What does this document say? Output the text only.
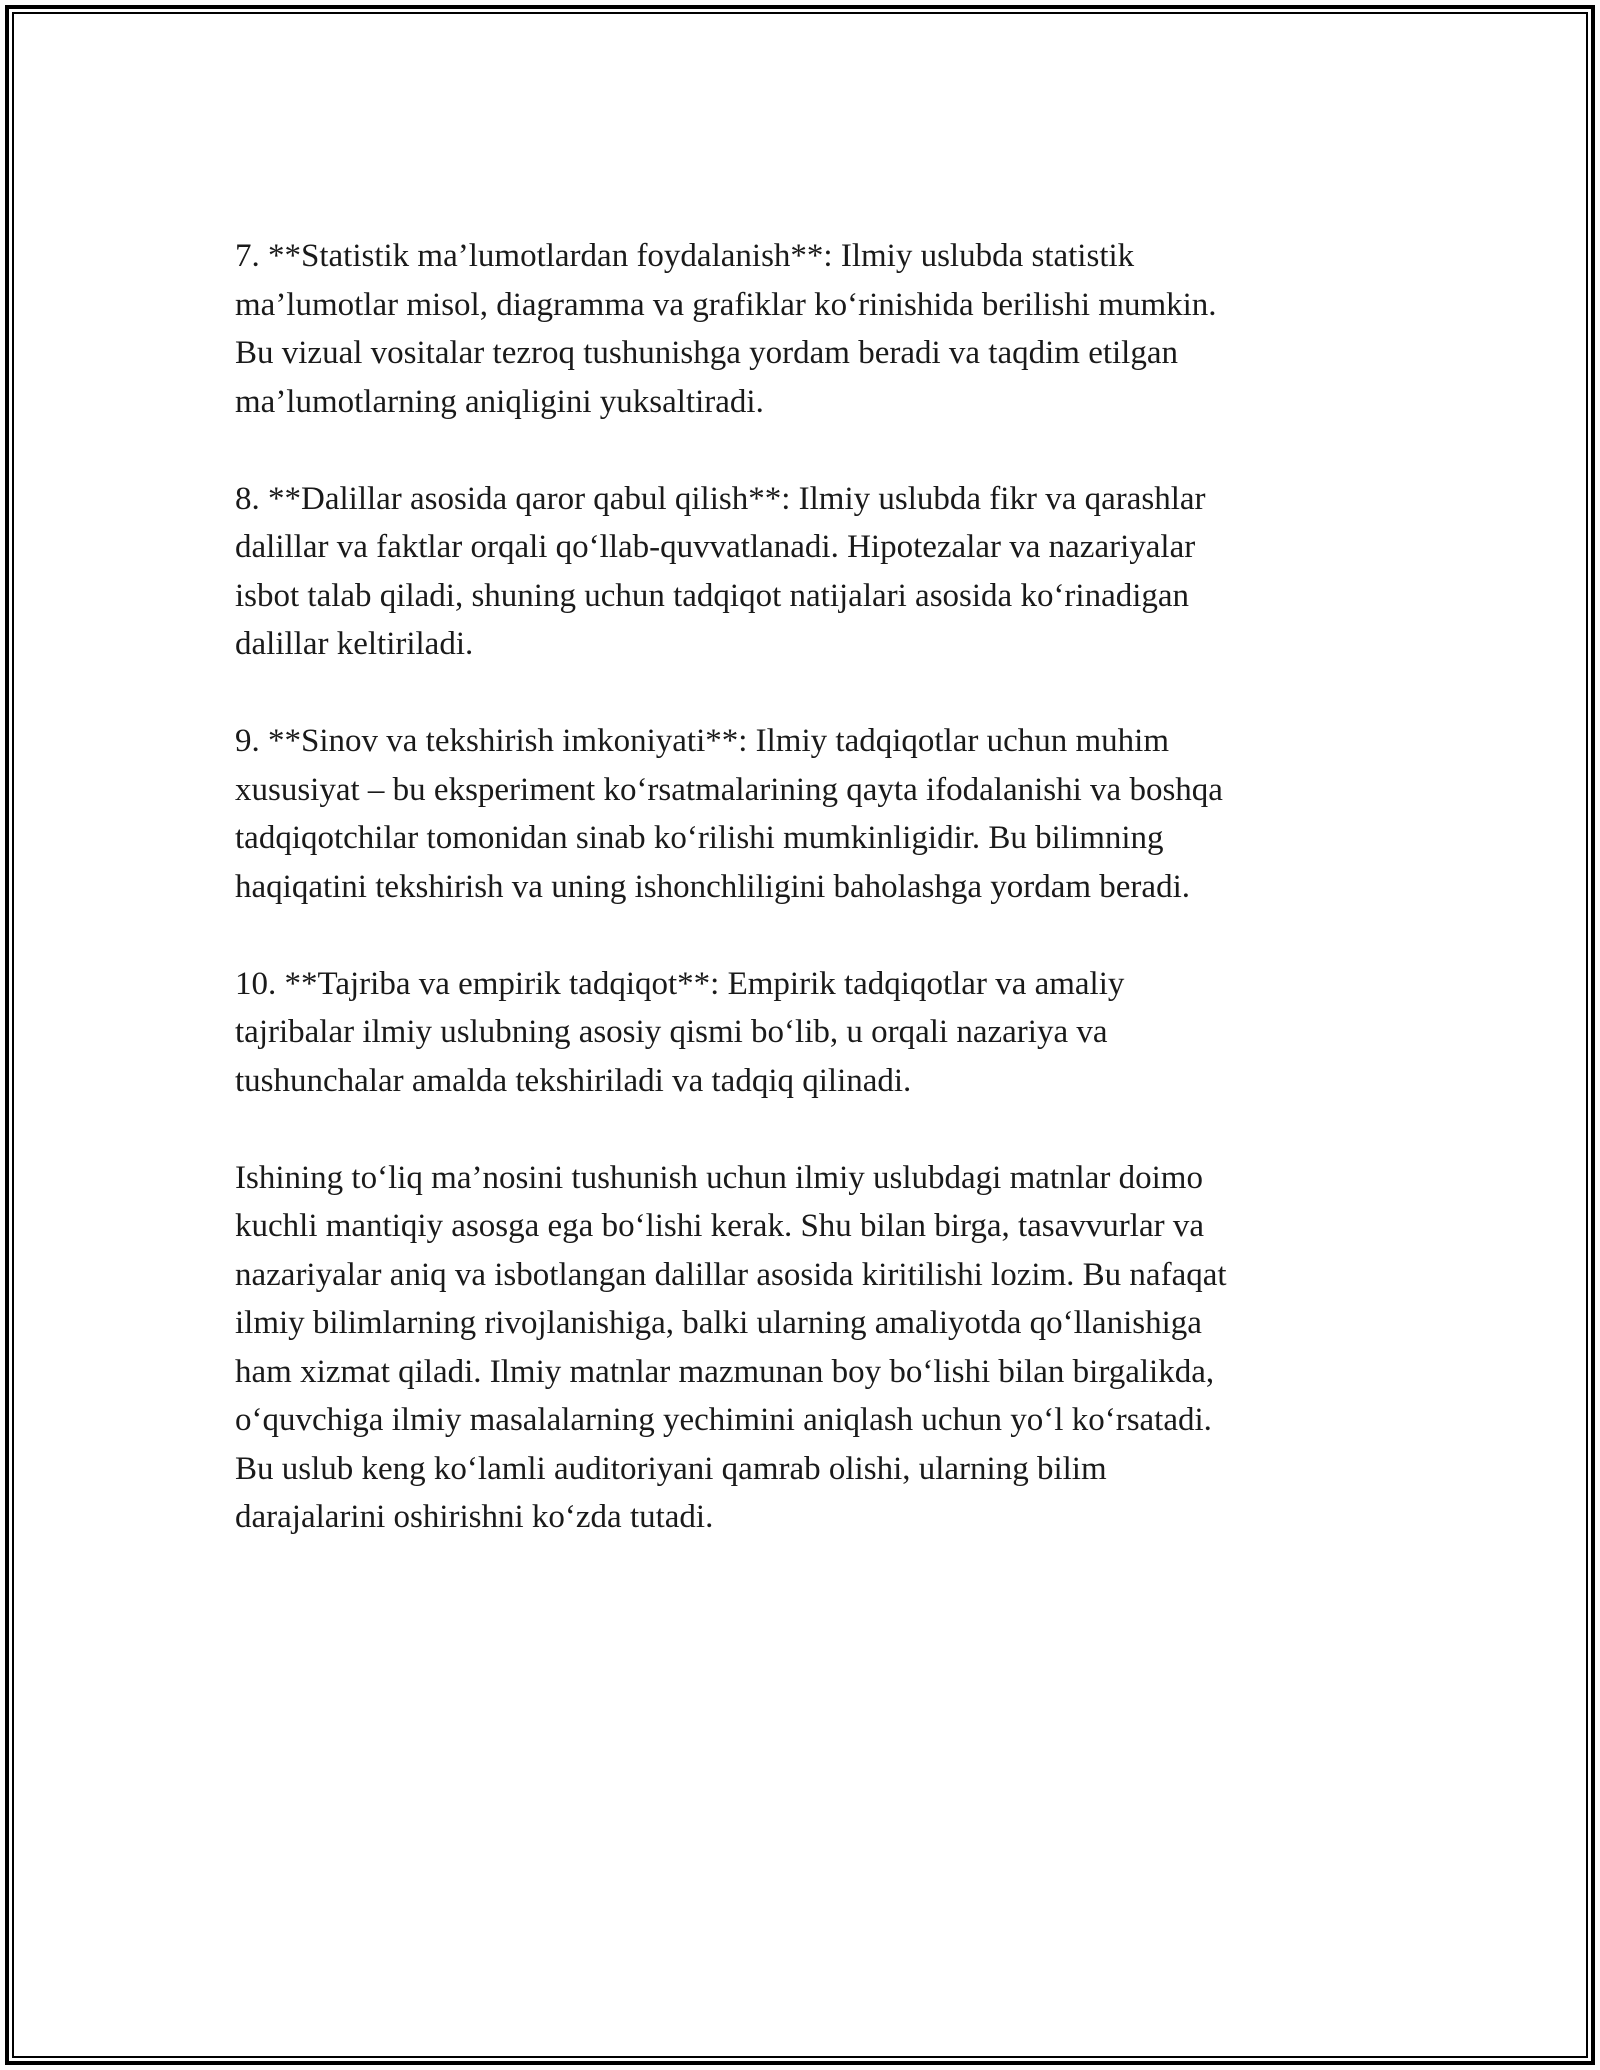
7. **Statistik ma’lumotlardan foydalanish**: Ilmiy uslubda statistik
ma’lumotlar misol, diagramma va grafiklar ko‘rinishida berilishi mumkin.
Bu vizual vositalar tezroq tushunishga yordam beradi va taqdim etilgan
ma’lumotlarning aniqligini yuksaltiradi.

8. **Dalillar asosida qaror qabul qilish**: Ilmiy uslubda fikr va qarashlar
dalillar va faktlar orqali qo‘llab-quvvatlanadi. Hipotezalar va nazariyalar
isbot talab qiladi, shuning uchun tadqiqot natijalari asosida ko‘rinadigan
dalillar keltiriladi.

9. **Sinov va tekshirish imkoniyati**: Ilmiy tadqiqotlar uchun muhim
xususiyat – bu eksperiment ko‘rsatmalarining qayta ifodalanishi va boshqa
tadqiqotchilar tomonidan sinab ko‘rilishi mumkinligidir. Bu bilimning
haqiqatini tekshirish va uning ishonchliligini baholashga yordam beradi.

10. **Tajriba va empirik tadqiqot**: Empirik tadqiqotlar va amaliy
tajribalar ilmiy uslubning asosiy qismi bo‘lib, u orqali nazariya va
tushunchalar amalda tekshiriladi va tadqiq qilinadi.

Ishining to‘liq ma’nosini tushunish uchun ilmiy uslubdagi matnlar doimo
kuchli mantiqiy asosga ega bo‘lishi kerak. Shu bilan birga, tasavvurlar va
nazariyalar aniq va isbotlangan dalillar asosida kiritilishi lozim. Bu nafaqat
ilmiy bilimlarning rivojlanishiga, balki ularning amaliyotda qo‘llanishiga
ham xizmat qiladi. Ilmiy matnlar mazmunan boy bo‘lishi bilan birgalikda,
o‘quvchiga ilmiy masalalarning yechimini aniqlash uchun yo‘l ko‘rsatadi.
Bu uslub keng ko‘lamli auditoriyani qamrab olishi, ularning bilim
darajalarini oshirishni ko‘zda tutadi.
